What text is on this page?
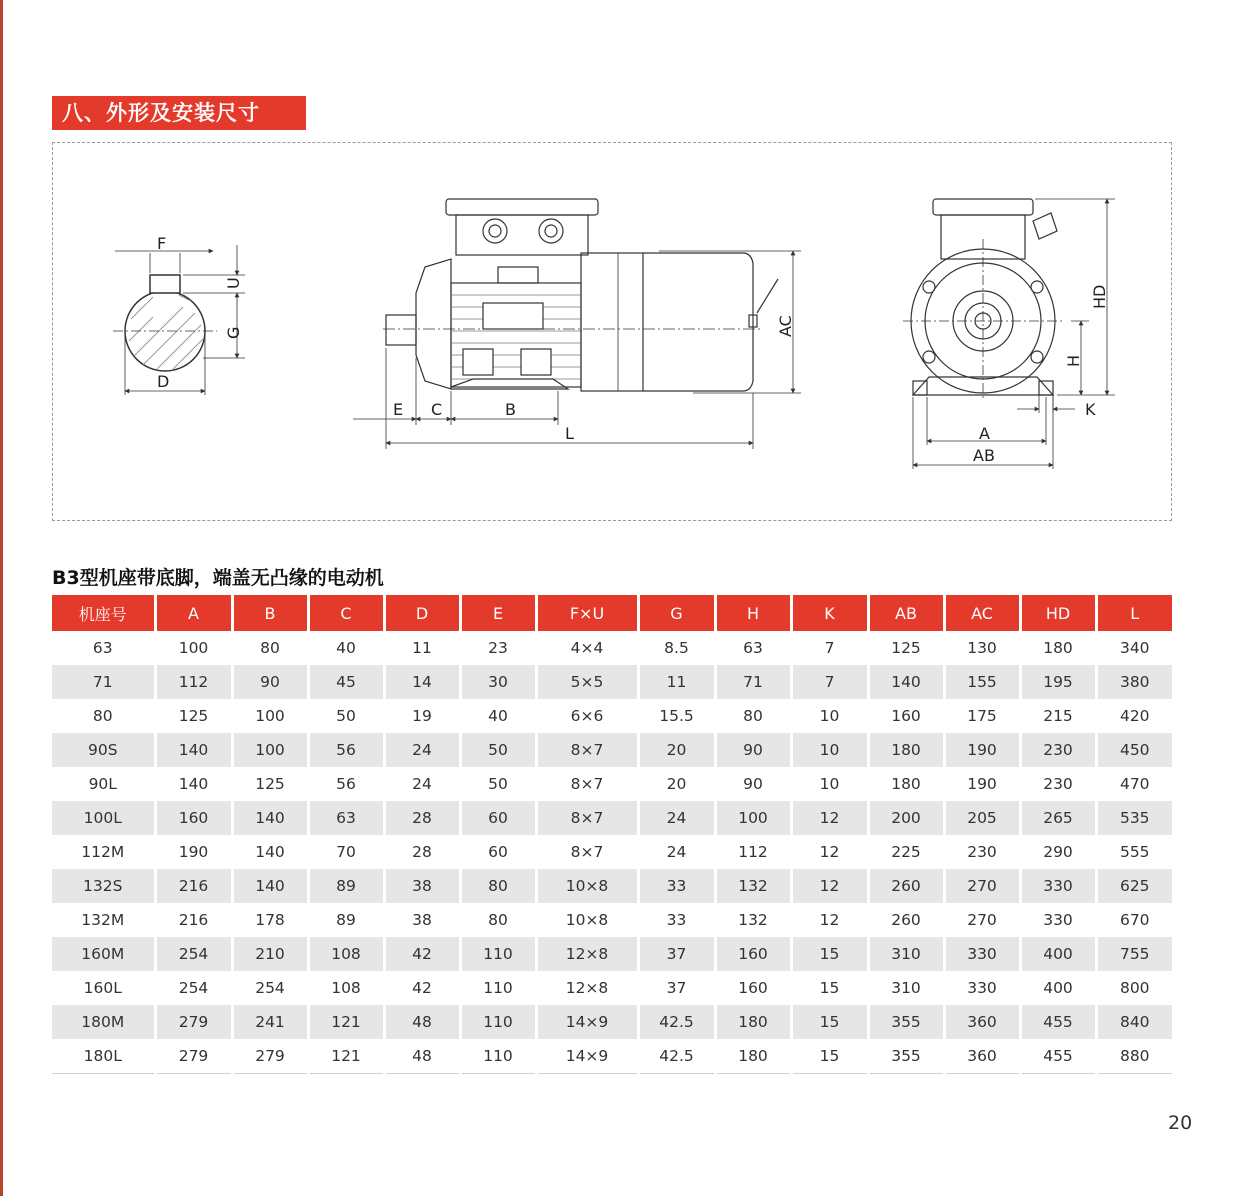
八、外形及安装尺寸
F
U
G
D
AC
E C	B
L
HD
H
K
A
AB
B3型机座带底脚，端盖无凸缘的电动机
机座号	A	B	C	D	E	F×U	G	H	K	AB	AC	HD	L
63	100	80	40	11	23	4×4	8.5	63	7	125	130	180	340
71	112	90	45	14	30	5×5	11	71	7	140	155	195	380
80	125	100	50	19	40	6×6	15.5	80	10	160	175	215	420
90S	140	100	56	24	50	8×7	20	90	10	180	190	230	450
90L	140	125	56	24	50	8×7	20	90	10	180	190	230	470
100L	160	140	63	28	60	8×7	24	100	12	200	205	265	535
112M	190	140	70	28	60	8×7	24	112	12	225	230	290	555
132S	216	140	89	38	80	10×8	33	132	12	260	270	330	625
132M	216	178	89	38	80	10×8	33	132	12	260	270	330	670
160M	254	210	108	42	110	12×8	37	160	15	310	330	400	755
160L	254	254	108	42	110	12×8	37	160	15	310	330	400	800
180M	279	241	121	48	110	14×9	42.5	180	15	355	360	455	840
180L	279	279	121	48	110	14×9	42.5	180	15	355	360	455	880
20
